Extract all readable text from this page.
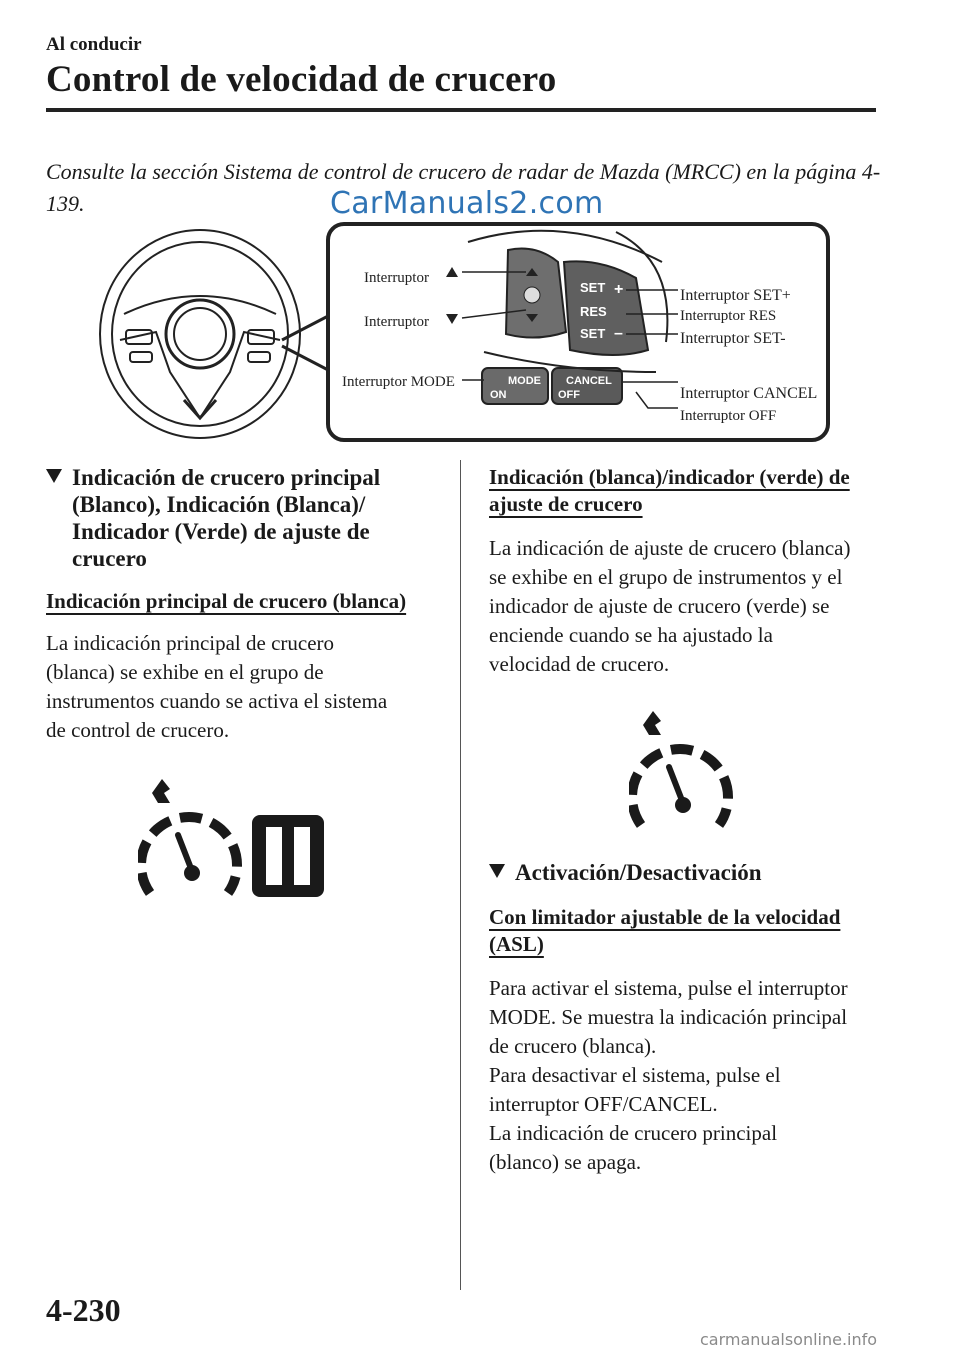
Al conducir
Control de velocidad de crucero
Consulte la sección Sistema de control de crucero de radar de Mazda (MRCC) en la página 4-139.	CarManuals2.com
SET +
RES
SET –
MODE
ON
CANCEL
OFF
Interruptor
Interruptor
Interruptor MODE
Interruptor SET+
Interruptor RES
Interruptor SET-
Interruptor CANCEL
Interruptor OFF
Indicación de crucero principal
(Blanco), Indicación (Blanca)/
Indicador (Verde) de ajuste de
crucero
Indicación principal de crucero (blanca)
La indicación principal de crucero
(blanca) se exhibe en el grupo de
instrumentos cuando se activa el sistema
de control de crucero.
Indicación (blanca)/indicador (verde) de
ajuste de crucero
La indicación de ajuste de crucero (blanca)
se exhibe en el grupo de instrumentos y el
indicador de ajuste de crucero (verde) se
enciende cuando se ha ajustado la
velocidad de crucero.
Activación/Desactivación
Con limitador ajustable de la velocidad
(ASL)
Para activar el sistema, pulse el interruptor
MODE. Se muestra la indicación principal
de crucero (blanca).
Para desactivar el sistema, pulse el
interruptor OFF/CANCEL.
La indicación de crucero principal
(blanco) se apaga.
4-230
carmanualsonline.info
